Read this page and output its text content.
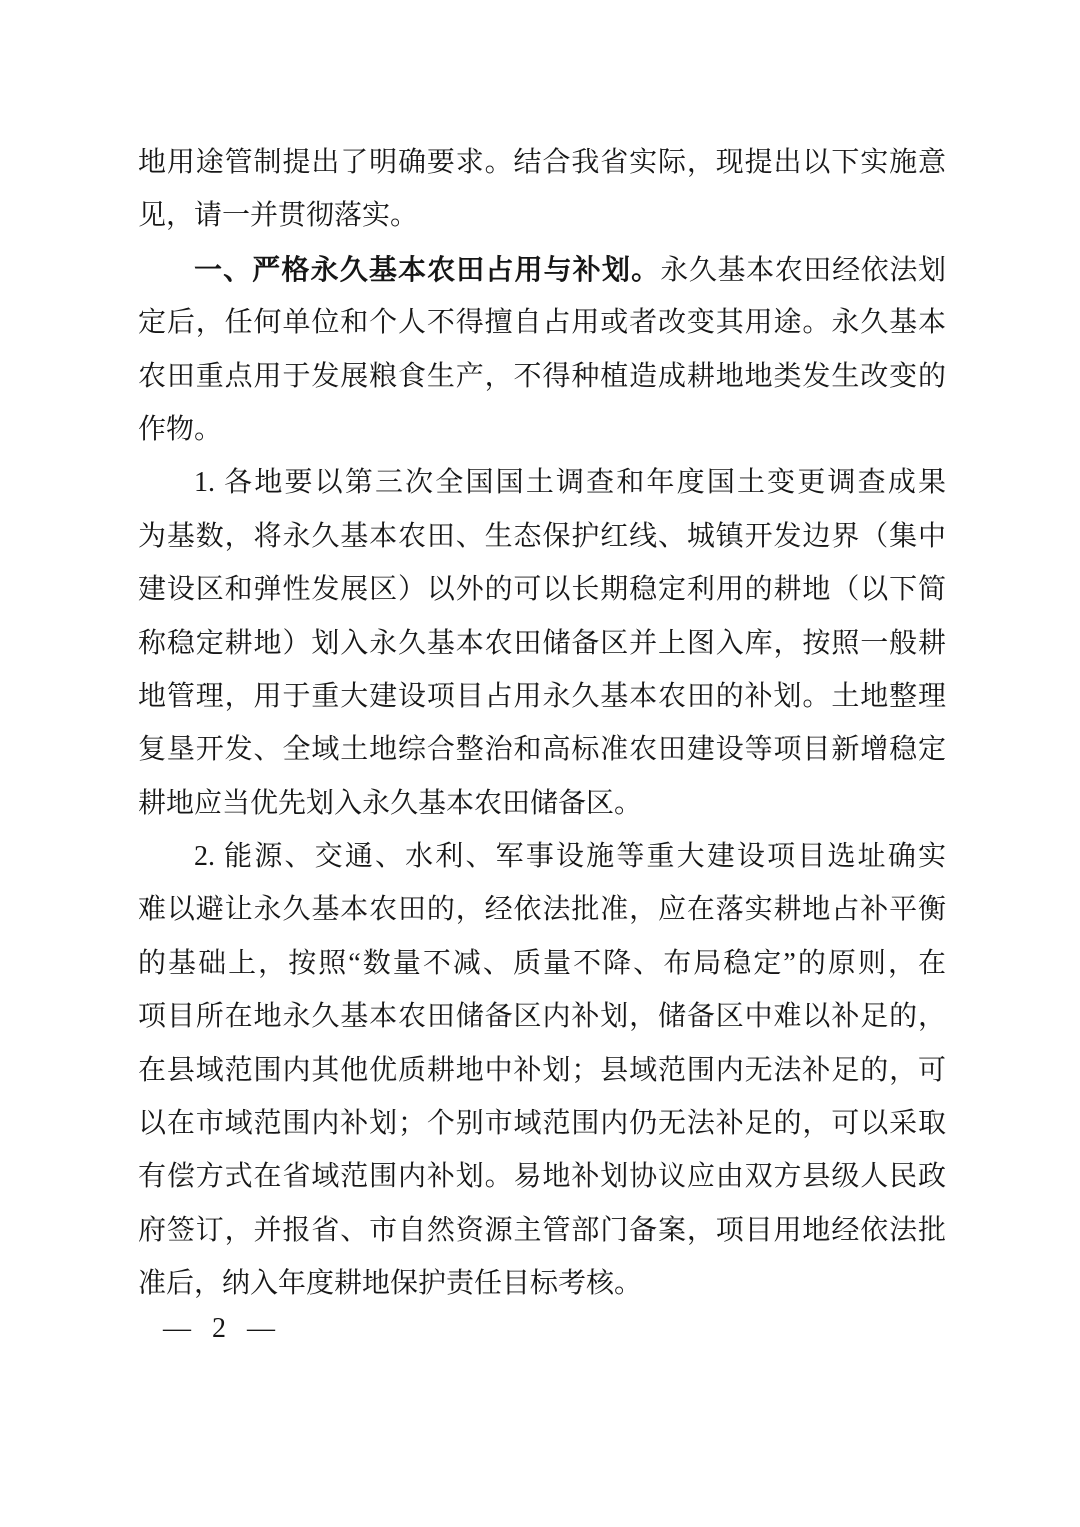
地用途管制提出了明确要求。结合我省实际，现提出以下实施意
见，请一并贯彻落实。
一、严格永久基本农田占用与补划。永久基本农田经依法划
定后，任何单位和个人不得擅自占用或者改变其用途。永久基本
农田重点用于发展粮食生产，不得种植造成耕地地类发生改变的
作物。
1. 各地要以第三次全国国土调查和年度国土变更调查成果
为基数，将永久基本农田、生态保护红线、城镇开发边界（集中
建设区和弹性发展区）以外的可以长期稳定利用的耕地（以下简
称稳定耕地）划入永久基本农田储备区并上图入库，按照一般耕
地管理，用于重大建设项目占用永久基本农田的补划。土地整理
复垦开发、全域土地综合整治和高标准农田建设等项目新增稳定
耕地应当优先划入永久基本农田储备区。
2. 能源、交通、水利、军事设施等重大建设项目选址确实
难以避让永久基本农田的，经依法批准，应在落实耕地占补平衡
的基础上，按照“数量不减、质量不降、布局稳定”的原则，在
项目所在地永久基本农田储备区内补划，储备区中难以补足的，
在县域范围内其他优质耕地中补划；县域范围内无法补足的，可
以在市域范围内补划；个别市域范围内仍无法补足的，可以采取
有偿方式在省域范围内补划。易地补划协议应由双方县级人民政
府签订，并报省、市自然资源主管部门备案，项目用地经依法批
准后，纳入年度耕地保护责任目标考核。
— 2 —
